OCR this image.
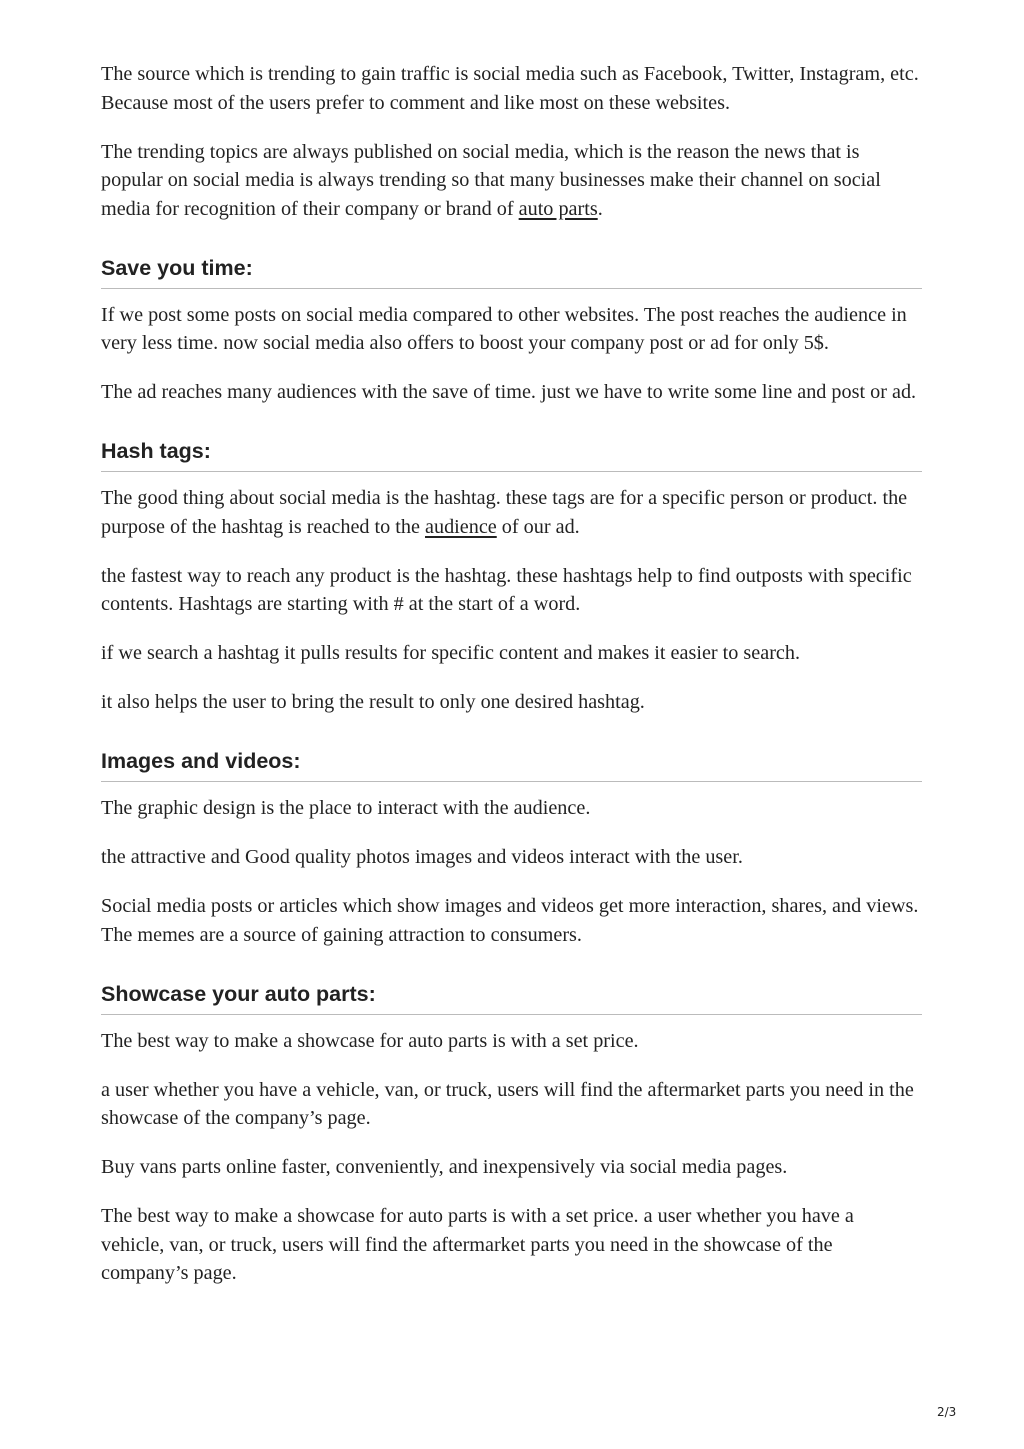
The source which is trending to gain traffic is social media such as Facebook, Twitter, Instagram, etc. Because most of the users prefer to comment and like most on these websites.

The trending topics are always published on social media, which is the reason the news that is popular on social media is always trending so that many businesses make their channel on social media for recognition of their company or brand of auto parts.

Save you time:

If we post some posts on social media compared to other websites. The post reaches the audience in very less time. now social media also offers to boost your company post or ad for only 5$.

The ad reaches many audiences with the save of time. just we have to write some line and post or ad.

Hash tags:

The good thing about social media is the hashtag. these tags are for a specific person or product. the purpose of the hashtag is reached to the audience of our ad.

the fastest way to reach any product is the hashtag. these hashtags help to find outposts with specific contents. Hashtags are starting with # at the start of a word.

if we search a hashtag it pulls results for specific content and makes it easier to search.

it also helps the user to bring the result to only one desired hashtag.

Images and videos:

The graphic design is the place to interact with the audience.

the attractive and Good quality photos images and videos interact with the user.

Social media posts or articles which show images and videos get more interaction, shares, and views. The memes are a source of gaining attraction to consumers.

Showcase your auto parts:

The best way to make a showcase for auto parts is with a set price.

a user whether you have a vehicle, van, or truck, users will find the aftermarket parts you need in the showcase of the company’s page.

Buy vans parts online faster, conveniently, and inexpensively via social media pages.

The best way to make a showcase for auto parts is with a set price. a user whether you have a vehicle, van, or truck, users will find the aftermarket parts you need in the showcase of the company’s page.

2/3
